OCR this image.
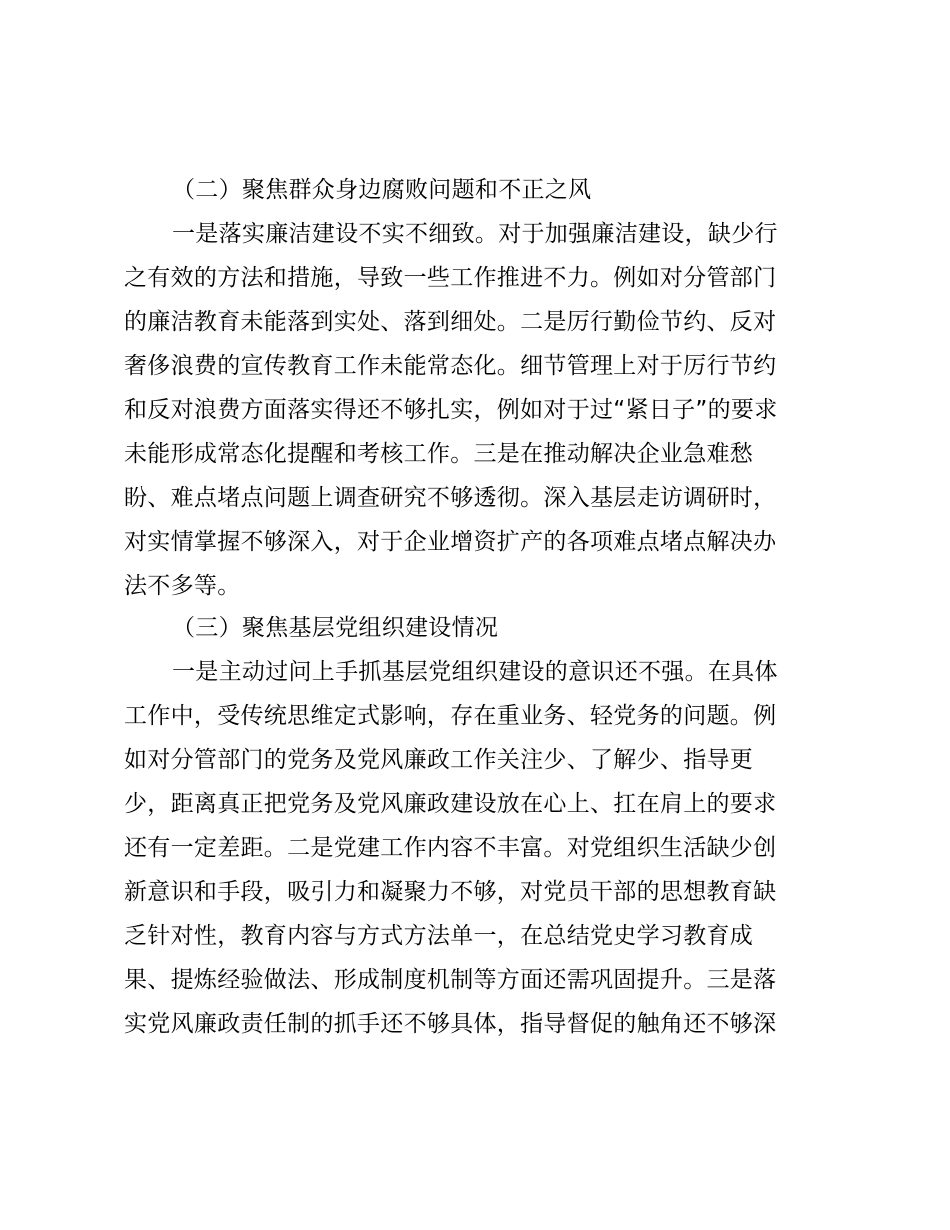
（二）聚焦群众身边腐败问题和不正之风
一是落实廉洁建设不实不细致。对于加强廉洁建设，缺少行
之有效的方法和措施，导致一些工作推进不力。例如对分管部门
的廉洁教育未能落到实处、落到细处。二是厉行勤俭节约、反对
奢侈浪费的宣传教育工作未能常态化。细节管理上对于厉行节约
和反对浪费方面落实得还不够扎实，例如对于过“紧日子”的要求
未能形成常态化提醒和考核工作。三是在推动解决企业急难愁
盼、难点堵点问题上调查研究不够透彻。深入基层走访调研时，
对实情掌握不够深入，对于企业增资扩产的各项难点堵点解决办
法不多等。
（三）聚焦基层党组织建设情况
一是主动过问上手抓基层党组织建设的意识还不强。在具体
工作中，受传统思维定式影响，存在重业务、轻党务的问题。例
如对分管部门的党务及党风廉政工作关注少、了解少、指导更
少，距离真正把党务及党风廉政建设放在心上、扛在肩上的要求
还有一定差距。二是党建工作内容不丰富。对党组织生活缺少创
新意识和手段，吸引力和凝聚力不够，对党员干部的思想教育缺
乏针对性，教育内容与方式方法单一，在总结党史学习教育成
果、提炼经验做法、形成制度机制等方面还需巩固提升。三是落
实党风廉政责任制的抓手还不够具体，指导督促的触角还不够深
